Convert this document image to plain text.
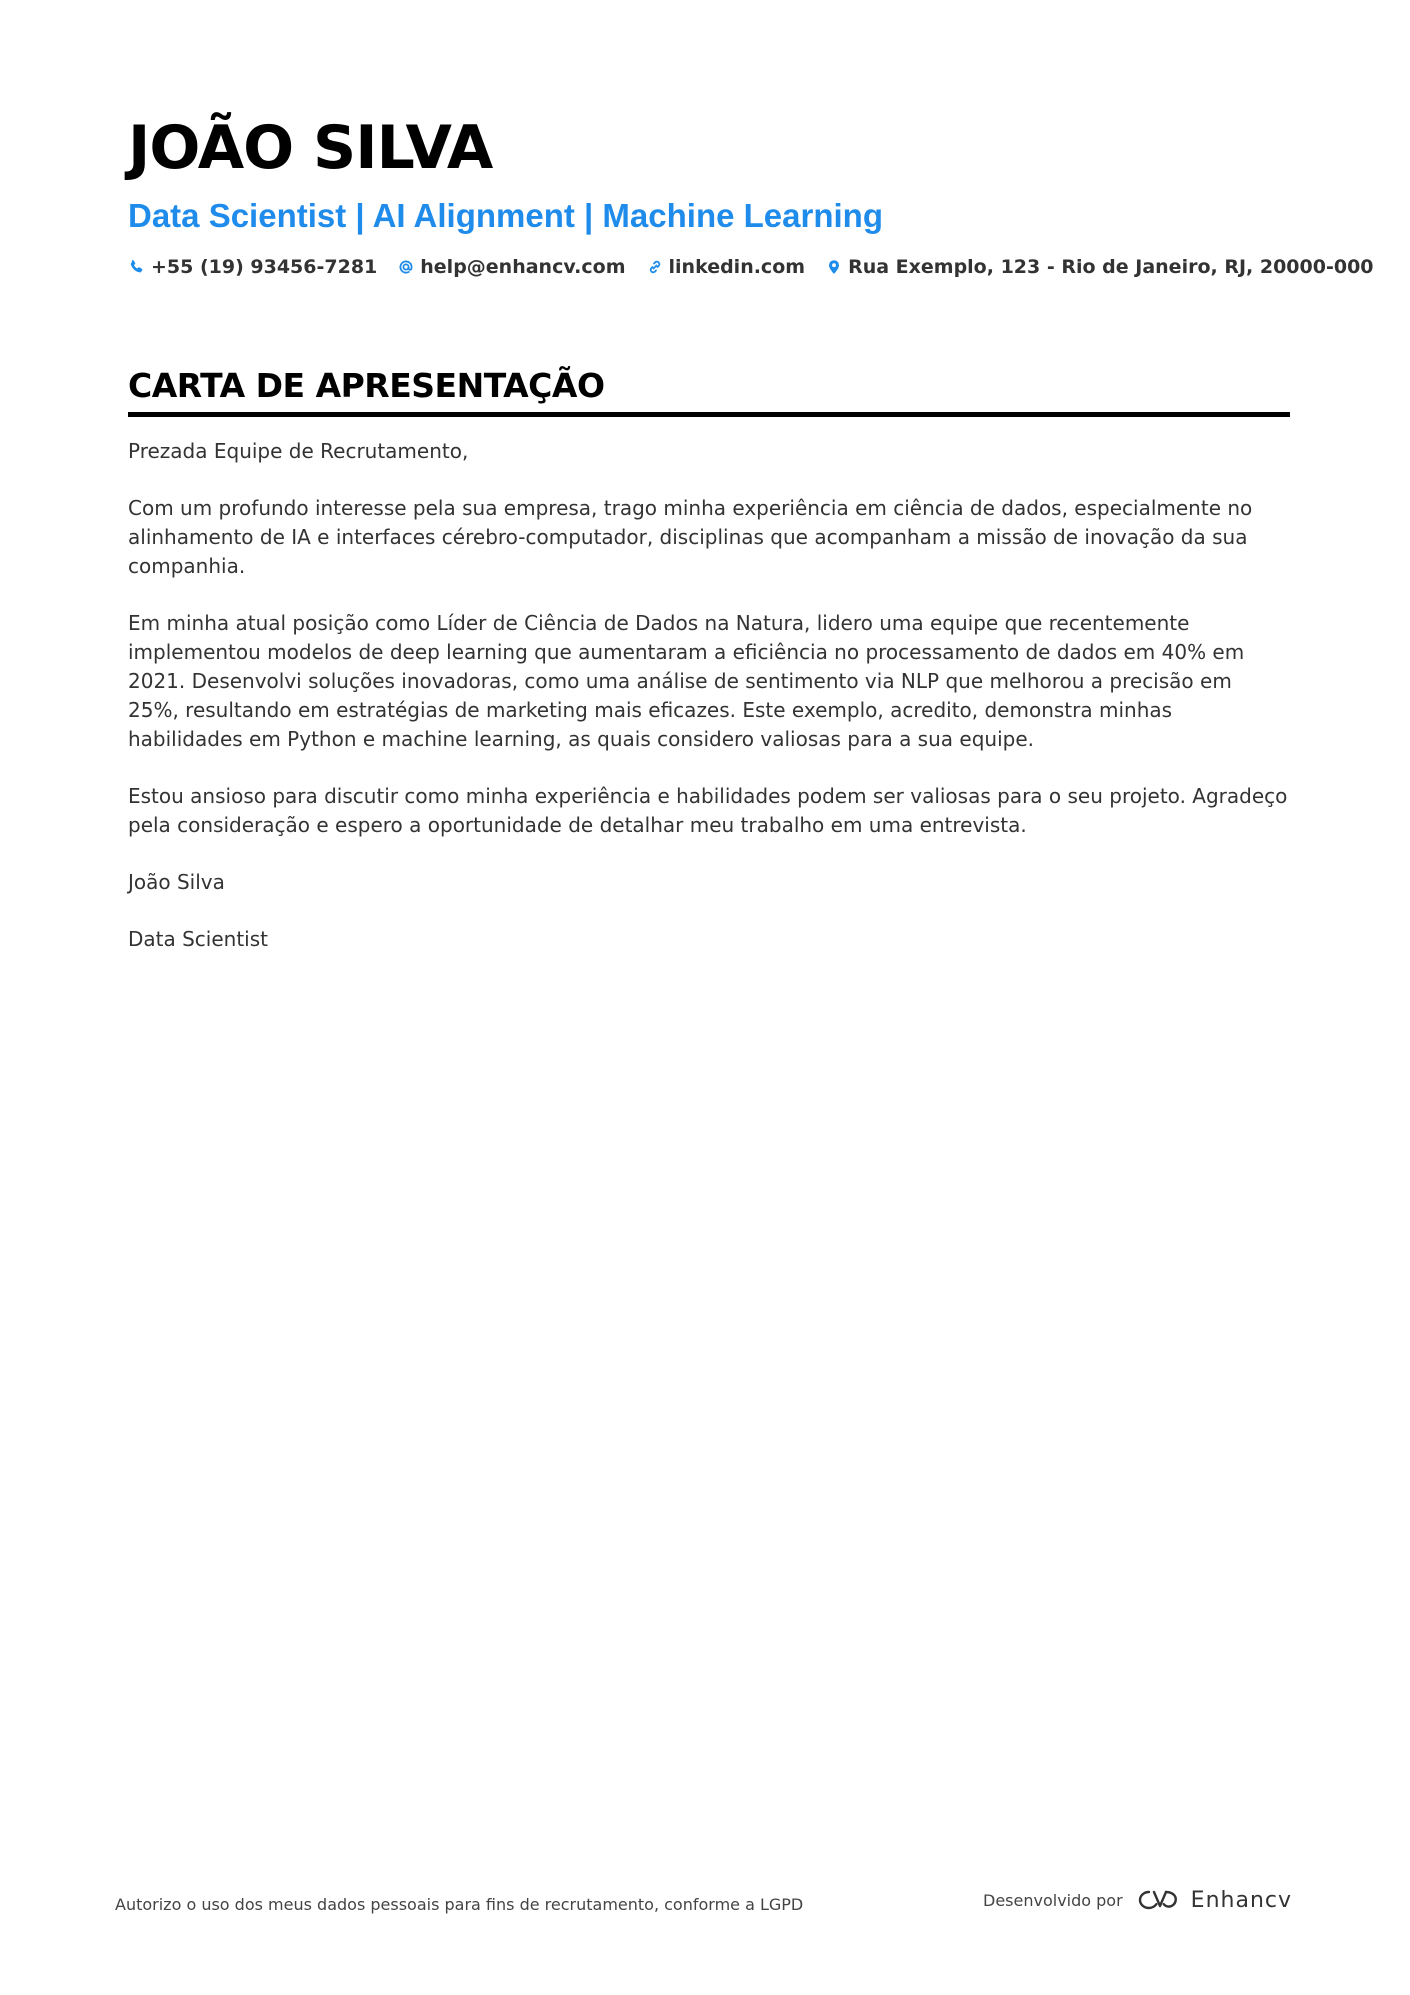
JOÃO SILVA
Data Scientist | AI Alignment | Machine Learning
+55 (19) 93456-7281 help@enhancv.com linkedin.com Rua Exemplo, 123 - Rio de Janeiro, RJ, 20000-000
CARTA DE APRESENTAÇÃO

Prezada Equipe de Recrutamento,

Com um profundo interesse pela sua empresa, trago minha experiência em ciência de dados, especialmente no alinhamento de IA e interfaces cérebro-computador, disciplinas que acompanham a missão de inovação da sua companhia.

Em minha atual posição como Líder de Ciência de Dados na Natura, lidero uma equipe que recentemente implementou modelos de deep learning que aumentaram a eficiência no processamento de dados em 40% em 2021. Desenvolvi soluções inovadoras, como uma análise de sentimento via NLP que melhorou a precisão em 25%, resultando em estratégias de marketing mais eficazes. Este exemplo, acredito, demonstra minhas habilidades em Python e machine learning, as quais considero valiosas para a sua equipe.

Estou ansioso para discutir como minha experiência e habilidades podem ser valiosas para o seu projeto. Agradeço pela consideração e espero a oportunidade de detalhar meu trabalho em uma entrevista.

João Silva

Data Scientist

Autorizo o uso dos meus dados pessoais para fins de recrutamento, conforme a LGPD	Desenvolvido por	Enhancv
